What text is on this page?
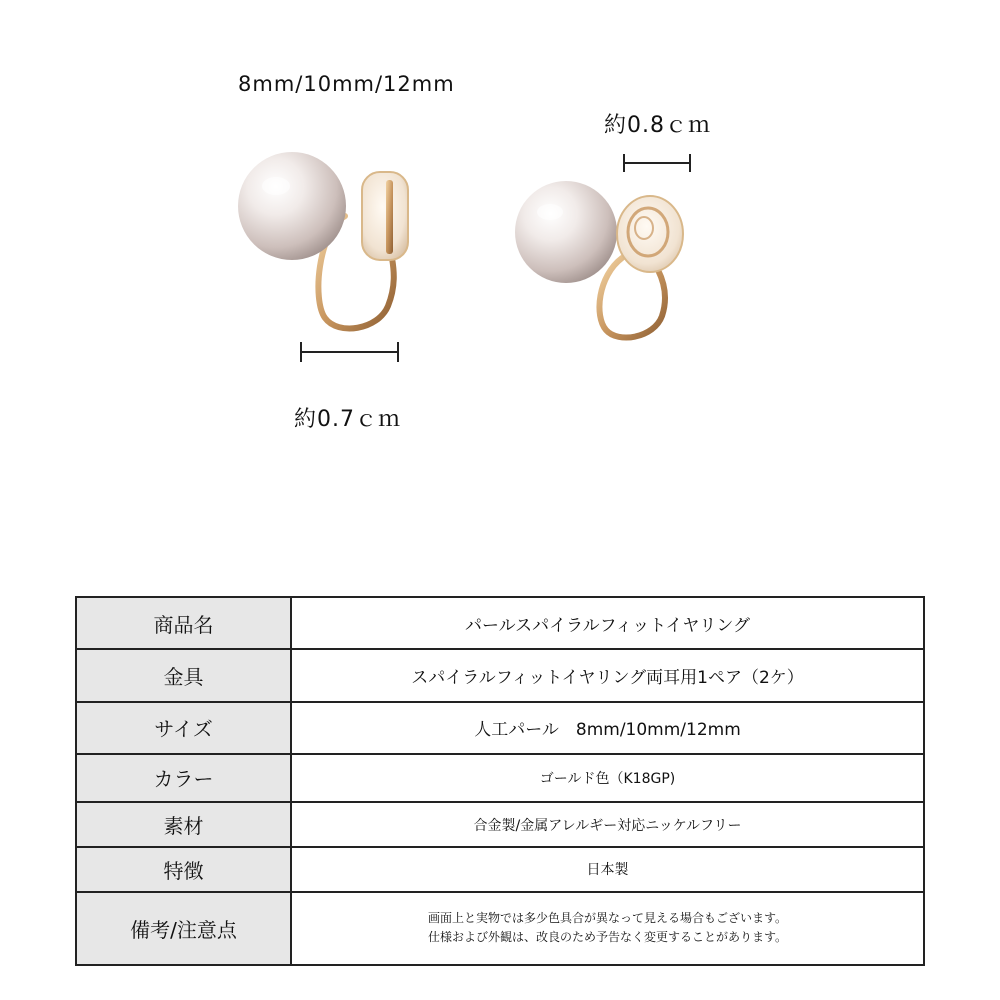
8mm/10mm/12mm
約0.8ｃｍ
約0.7ｃｍ
商品名	パールスパイラルフィットイヤリング
金具	スパイラルフィットイヤリング両耳用1ペア（2ケ）
サイズ	人工パール　8mm/10mm/12mm
カラー	ゴールド色（K18GP)
素材	合金製/金属アレルギー対応ニッケルフリー
特徴	日本製
備考/注意点	画面上と実物では多少色具合が異なって見える場合もございます。
仕様および外観は、改良のため予告なく変更することがあります。
